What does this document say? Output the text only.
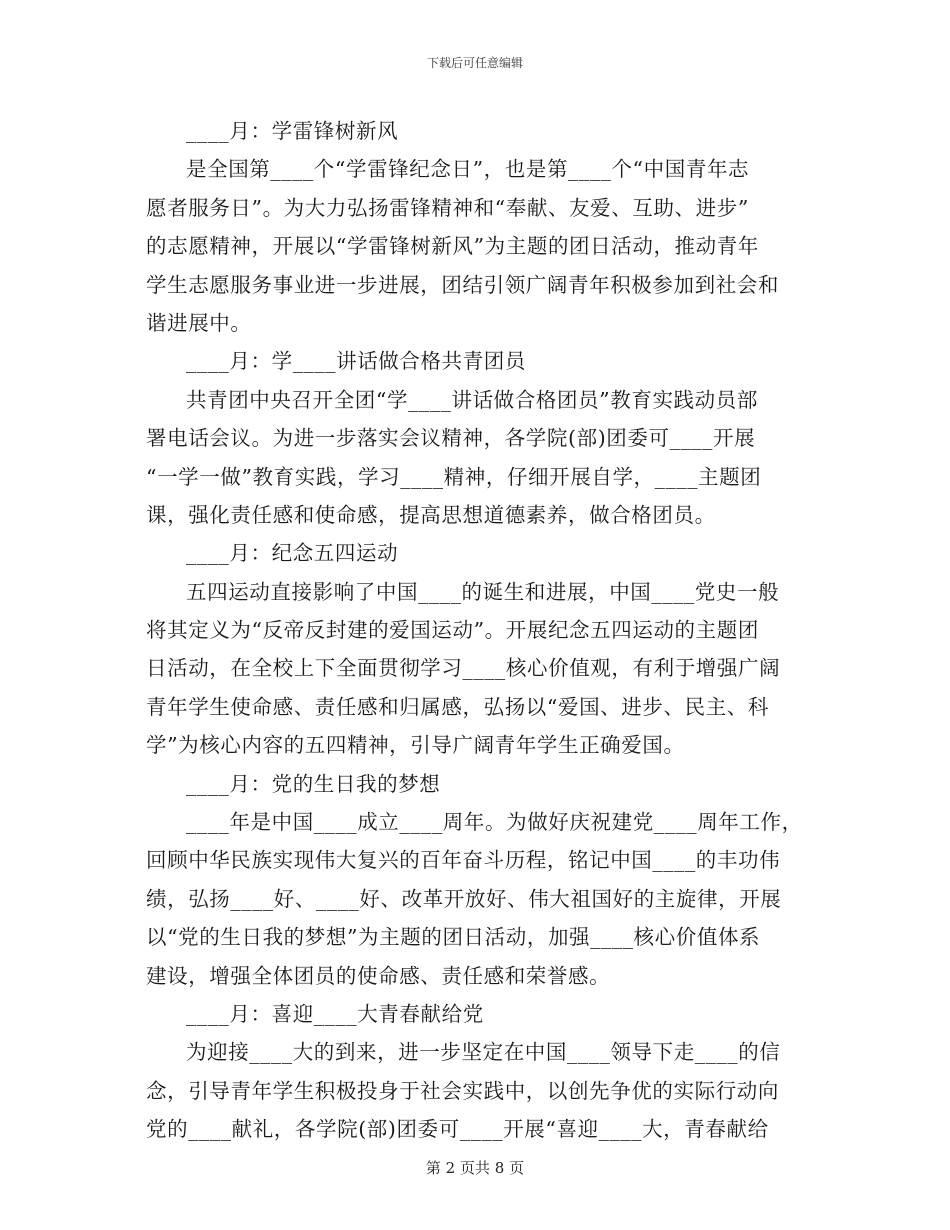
下载后可任意编辑
____月：学雷锋树新风
是全国第____个“学雷锋纪念日”，也是第____个“中国青年志
愿者服务日”。为大力弘扬雷锋精神和“奉献、友爱、互助、进步”
的志愿精神，开展以“学雷锋树新风”为主题的团日活动，推动青年
学生志愿服务事业进一步进展，团结引领广阔青年积极参加到社会和
谐进展中。
____月：学____讲话做合格共青团员
共青团中央召开全团“学____讲话做合格团员”教育实践动员部
署电话会议。为进一步落实会议精神，各学院(部)团委可____开展
“一学一做”教育实践，学习____精神，仔细开展自学，____主题团
课，强化责任感和使命感，提高思想道德素养，做合格团员。
____月：纪念五四运动
五四运动直接影响了中国____的诞生和进展，中国____党史一般
将其定义为“反帝反封建的爱国运动”。开展纪念五四运动的主题团
日活动，在全校上下全面贯彻学习____核心价值观，有利于增强广阔
青年学生使命感、责任感和归属感，弘扬以“爱国、进步、民主、科
学”为核心内容的五四精神，引导广阔青年学生正确爱国。
____月：党的生日我的梦想
____年是中国____成立____周年。为做好庆祝建党____周年工作，
回顾中华民族实现伟大复兴的百年奋斗历程，铭记中国____的丰功伟
绩，弘扬____好、____好、改革开放好、伟大祖国好的主旋律，开展
以“党的生日我的梦想”为主题的团日活动，加强____核心价值体系
建设，增强全体团员的使命感、责任感和荣誉感。
____月：喜迎____大青春献给党
为迎接____大的到来，进一步坚定在中国____领导下走____的信
念，引导青年学生积极投身于社会实践中，以创先争优的实际行动向
党的____献礼，各学院(部)团委可____开展“喜迎____大，青春献给
第 2 页共 8 页
